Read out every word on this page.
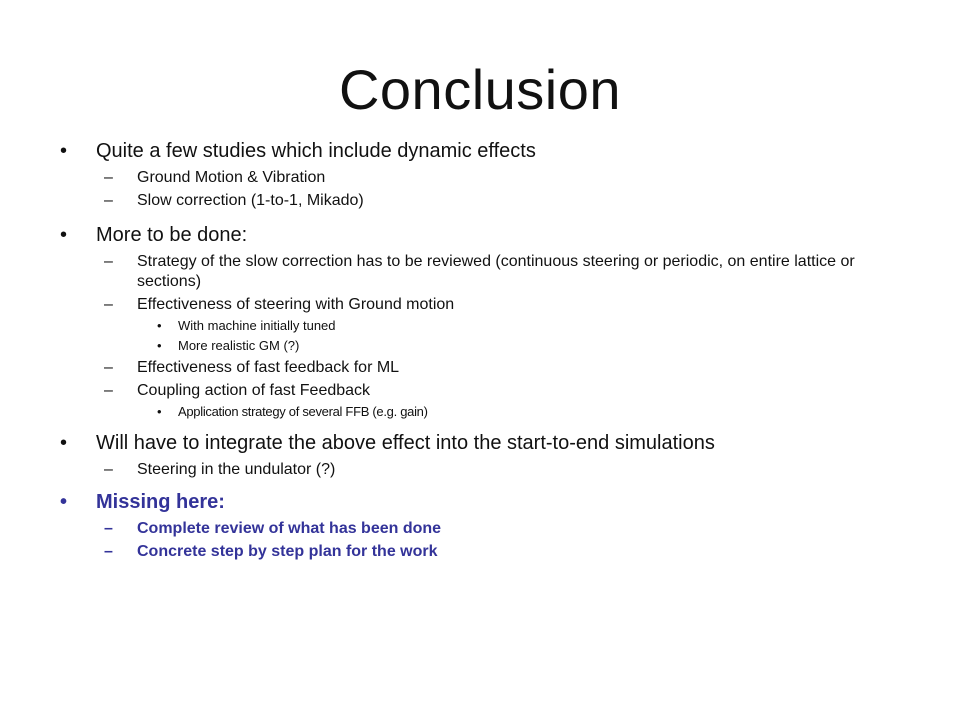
Conclusion
• Quite a few studies which include dynamic effects
– Ground Motion & Vibration
– Slow correction (1-to-1, Mikado)
• More to be done:
– Strategy of the slow correction has to be reviewed (continuous steering or periodic, on entire lattice or sections)
– Effectiveness of steering with Ground motion
• With machine initially tuned
• More realistic GM (?)
– Effectiveness of fast feedback for ML
– Coupling action of fast Feedback
• Application strategy of several FFB (e.g. gain)
• Will have to integrate the above effect into the start-to-end simulations
– Steering in the undulator (?)
• Missing here:
– Complete review of what has been done
– Concrete step by step plan for the work
